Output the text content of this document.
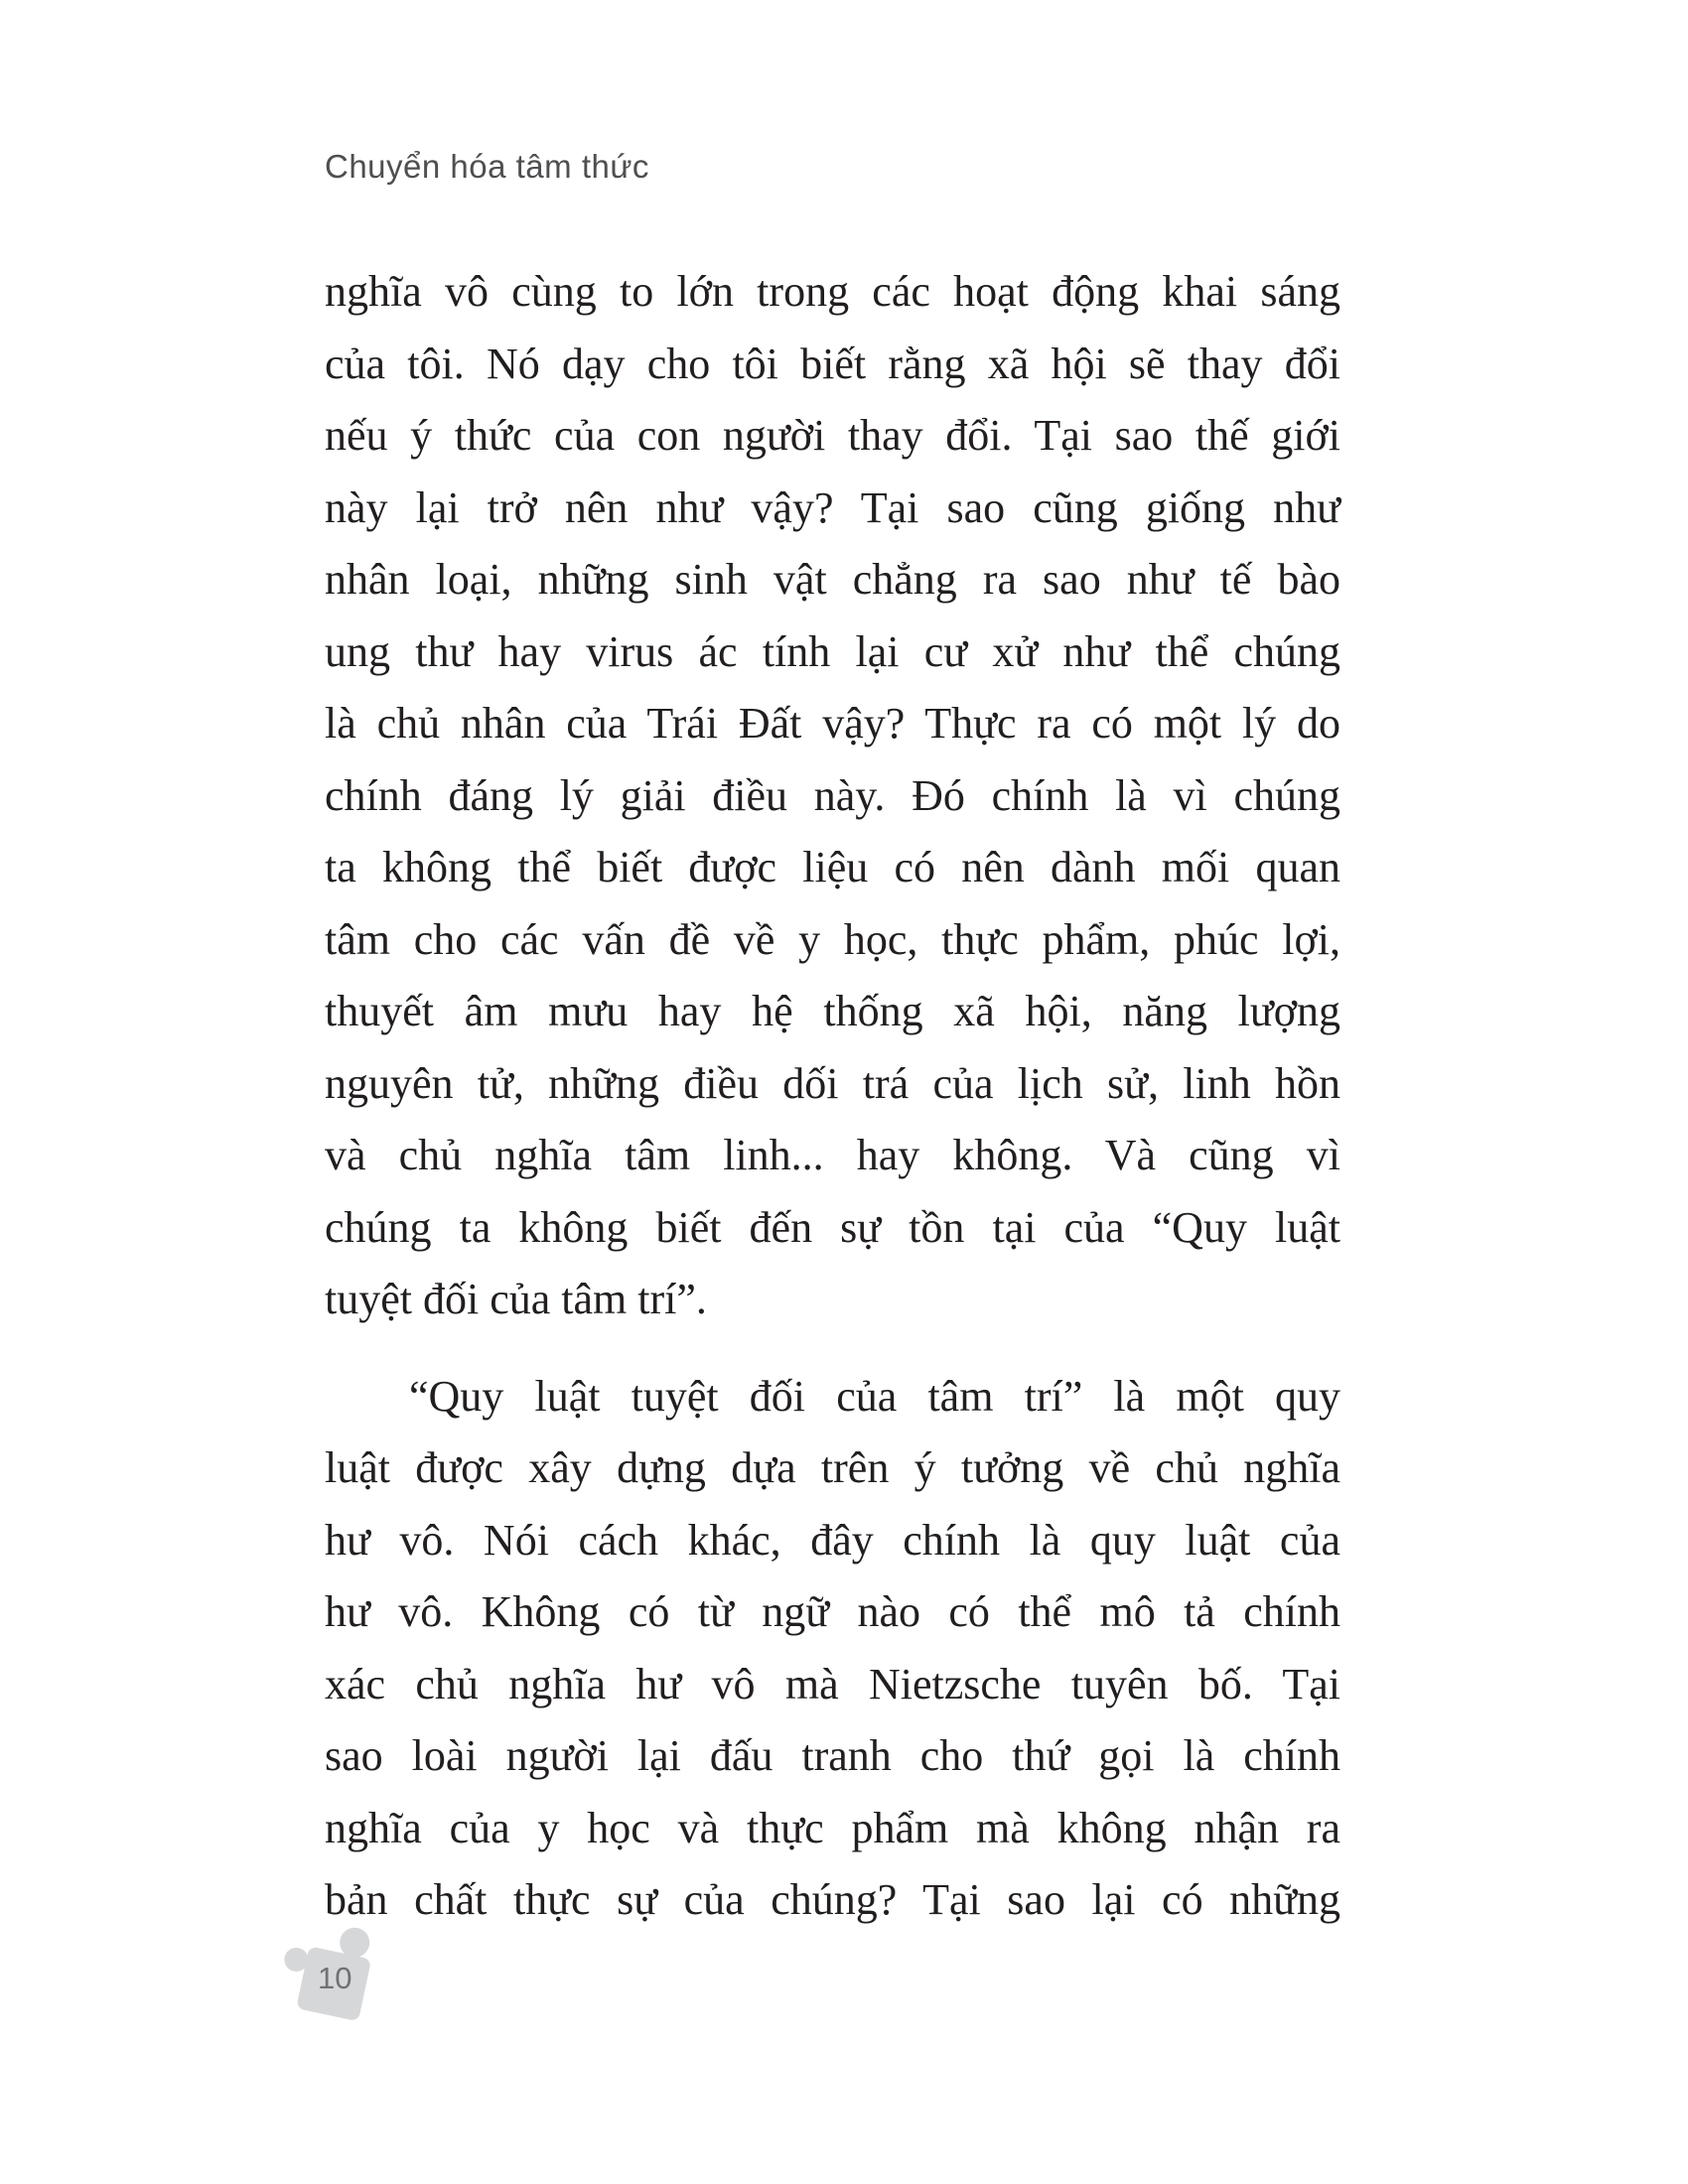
Chuyển hóa tâm thức
nghĩa vô cùng to lớn trong các hoạt động khai sáng
của tôi. Nó dạy cho tôi biết rằng xã hội sẽ thay đổi
nếu ý thức của con người thay đổi. Tại sao thế giới
này lại trở nên như vậy? Tại sao cũng giống như
nhân loại, những sinh vật chẳng ra sao như tế bào
ung thư hay virus ác tính lại cư xử như thể chúng
là chủ nhân của Trái Đất vậy? Thực ra có một lý do
chính đáng lý giải điều này. Đó chính là vì chúng
ta không thể biết được liệu có nên dành mối quan
tâm cho các vấn đề về y học, thực phẩm, phúc lợi,
thuyết âm mưu hay hệ thống xã hội, năng lượng
nguyên tử, những điều dối trá của lịch sử, linh hồn
và chủ nghĩa tâm linh... hay không. Và cũng vì
chúng ta không biết đến sự tồn tại của “Quy luật
tuyệt đối của tâm trí”.
“Quy luật tuyệt đối của tâm trí” là một quy
luật được xây dựng dựa trên ý tưởng về chủ nghĩa
hư vô. Nói cách khác, đây chính là quy luật của
hư vô. Không có từ ngữ nào có thể mô tả chính
xác chủ nghĩa hư vô mà Nietzsche tuyên bố. Tại
sao loài người lại đấu tranh cho thứ gọi là chính
nghĩa của y học và thực phẩm mà không nhận ra
bản chất thực sự của chúng? Tại sao lại có những
10
